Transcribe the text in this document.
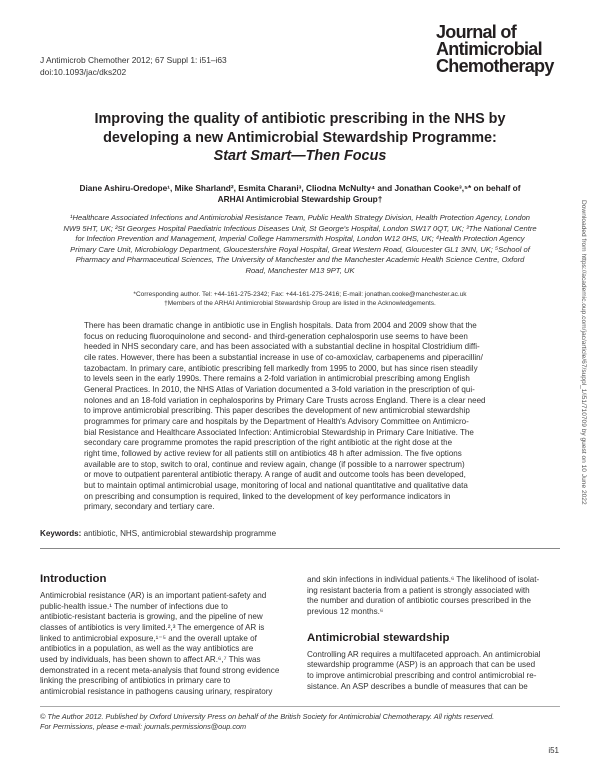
J Antimicrob Chemother 2012; 67 Suppl 1: i51–i63
doi:10.1093/jac/dks202
Journal of
Antimicrobial
Chemotherapy
Improving the quality of antibiotic prescribing in the NHS by
developing a new Antimicrobial Stewardship Programme:
Start Smart—Then Focus
Diane Ashiru-Oredope¹, Mike Sharland², Esmita Charani³, Cliodna McNulty⁴ and Jonathan Cooke³,⁵* on behalf of
ARHAI Antimicrobial Stewardship Group†
¹Healthcare Associated Infections and Antimicrobial Resistance Team, Public Health Strategy Division, Health Protection Agency, London
NW9 5HT, UK; ²St Georges Hospital Paediatric Infectious Diseases Unit, St George's Hospital, London SW17 0QT, UK; ³The National Centre
for Infection Prevention and Management, Imperial College Hammersmith Hospital, London W12 0HS, UK; ⁴Health Protection Agency
Primary Care Unit, Microbiology Department, Gloucestershire Royal Hospital, Great Western Road, Gloucester GL1 3NN, UK; ⁵School of
Pharmacy and Pharmaceutical Sciences, The University of Manchester and the Manchester Academic Health Science Centre, Oxford
Road, Manchester M13 9PT, UK
*Corresponding author. Tel: +44-161-275-2342; Fax: +44-161-275-2416; E-mail: jonathan.cooke@manchester.ac.uk
†Members of the ARHAI Antimicrobial Stewardship Group are listed in the Acknowledgements.
There has been dramatic change in antibiotic use in English hospitals. Data from 2004 and 2009 show that the
focus on reducing fluoroquinolone and second- and third-generation cephalosporin use seems to have been
heeded in NHS secondary care, and has been associated with a substantial decline in hospital Clostridium diffi-
cile rates. However, there has been a substantial increase in use of co-amoxiclav, carbapenems and piperacillin/
tazobactam. In primary care, antibiotic prescribing fell markedly from 1995 to 2000, but has since risen steadily
to levels seen in the early 1990s. There remains a 2-fold variation in antimicrobial prescribing among English
General Practices. In 2010, the NHS Atlas of Variation documented a 3-fold variation in the prescription of qui-
nolones and an 18-fold variation in cephalosporins by Primary Care Trusts across England. There is a clear need
to improve antimicrobial prescribing. This paper describes the development of new antimicrobial stewardship
programmes for primary care and hospitals by the Department of Health's Advisory Committee on Antimicro-
bial Resistance and Healthcare Associated Infection: Antimicrobial Stewardship in Primary Care Initiative. The
secondary care programme promotes the rapid prescription of the right antibiotic at the right dose at the
right time, followed by active review for all patients still on antibiotics 48 h after admission. The five options
available are to stop, switch to oral, continue and review again, change (if possible to a narrower spectrum)
or move to outpatient parenteral antibiotic therapy. A range of audit and outcome tools has been developed,
but to maintain optimal antimicrobial usage, monitoring of local and national quantitative and qualitative data
on prescribing and consumption is required, linked to the development of key performance indicators in
primary, secondary and tertiary care.
Keywords: antibiotic, NHS, antimicrobial stewardship programme
Introduction
Antimicrobial resistance (AR) is an important patient-safety and
public-health issue.¹ The number of infections due to
antibiotic-resistant bacteria is growing, and the pipeline of new
classes of antibiotics is very limited.²,³ The emergence of AR is
linked to antimicrobial exposure,¹⁻⁵ and the overall uptake of
antibiotics in a population, as well as the way antibiotics are
used by individuals, has been shown to affect AR.⁶,⁷ This was
demonstrated in a recent meta-analysis that found strong evidence
linking the prescribing of antibiotics in primary care to
antimicrobial resistance in pathogens causing urinary, respiratory
and skin infections in individual patients.⁶ The likelihood of isolat-
ing resistant bacteria from a patient is strongly associated with
the number and duration of antibiotic courses prescribed in the
previous 12 months.⁶
Antimicrobial stewardship
Controlling AR requires a multifaceted approach. An antimicrobial
stewardship programme (ASP) is an approach that can be used
to improve antimicrobial prescribing and control antimicrobial re-
sistance. An ASP describes a bundle of measures that can be
© The Author 2012. Published by Oxford University Press on behalf of the British Society for Antimicrobial Chemotherapy. All rights reserved.
For Permissions, please e-mail: journals.permissions@oup.com
i51
Downloaded from https://academic.oup.com/jac/article/67/suppl_1/i51/710709 by guest on 10 June 2022
